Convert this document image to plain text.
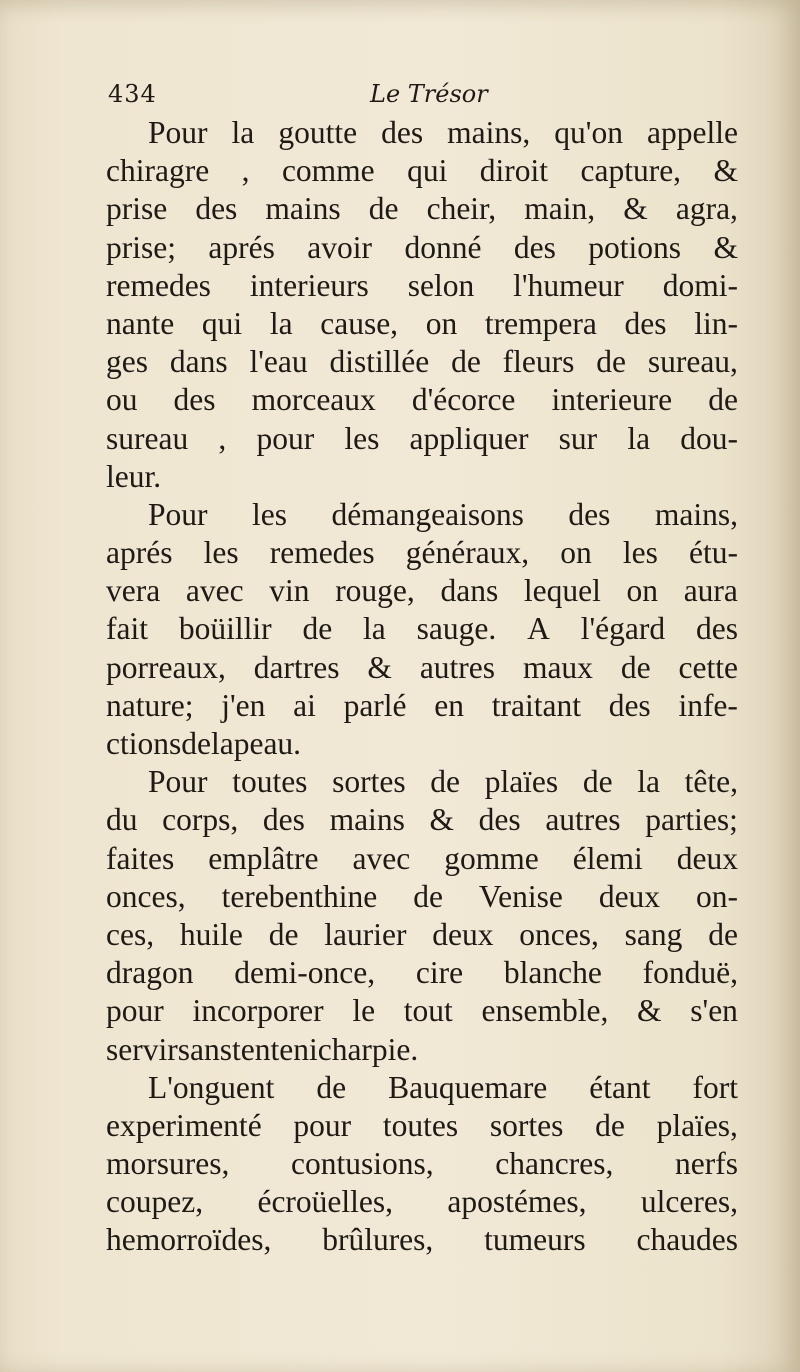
434	Le Trésor
Pour la goutte des mains, qu'on appelle
chiragre , comme qui diroit capture, &
prise des mains de cheir, main, & agra,
prise; aprés avoir donné des potions &
remedes interieurs selon l'humeur domi-
nante qui la cause, on trempera des lin-
ges dans l'eau distillée de fleurs de sureau,
ou des morceaux d'écorce interieure de
sureau , pour les appliquer sur la dou-
leur.
Pour les démangeaisons des mains,
aprés les remedes généraux, on les étu-
vera avec vin rouge, dans lequel on aura
fait boüillir de la sauge. A l'égard des
porreaux, dartres & autres maux de cette
nature; j'en ai parlé en traitant des infe-
ctions de la peau.
Pour toutes sortes de plaïes de la tête,
du corps, des mains & des autres parties;
faites emplâtre avec gomme élemi deux
onces, terebenthine de Venise deux on-
ces, huile de laurier deux onces, sang de
dragon demi-once, cire blanche fonduë,
pour incorporer le tout ensemble, & s'en
servir sans tente ni charpie.
L'onguent de Bauquemare étant fort
experimenté pour toutes sortes de plaïes,
morsures, contusions, chancres, nerfs
coupez, écroüelles, apostémes, ulceres,
hemorroïdes, brûlures, tumeurs chaudes
